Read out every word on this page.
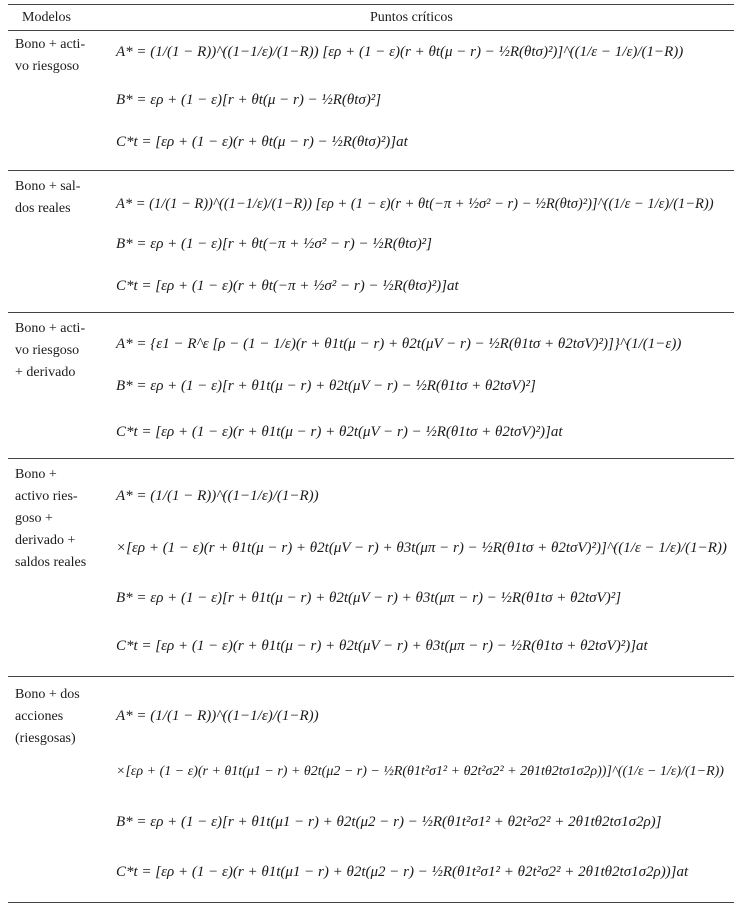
Modelos	Puntos críticos
Bono + acti-
vo riesgoso
A* = (1/(1 − R))^((1−1/ε)/(1−R)) [ερ + (1 − ε)(r + θt(μ − r) − ½R(θtσ)²)]^((1/ε − 1/ε)/(1−R))
B* = ερ + (1 − ε)[r + θt(μ − r) − ½R(θtσ)²]
C*t = [ερ + (1 − ε)(r + θt(μ − r) − ½R(θtσ)²)]at
Bono + sal-
dos reales	A* = (1/(1 − R))^((1−1/ε)/(1−R)) [ερ + (1 − ε)(r + θt(−π + ½σ² − r) − ½R(θtσ)²)]^((1/ε − 1/ε)/(1−R))
B* = ερ + (1 − ε)[r + θt(−π + ½σ² − r) − ½R(θtσ)²]
C*t = [ερ + (1 − ε)(r + θt(−π + ½σ² − r) − ½R(θtσ)²)]at
Bono + acti-
vo riesgoso
+ derivado
A* = {ε1 − R^ε [ρ − (1 − 1/ε)(r + θ1t(μ − r) + θ2t(μV − r) − ½R(θ1tσ + θ2tσV)²)]}^(1/(1−ε))
B* = ερ + (1 − ε)[r + θ1t(μ − r) + θ2t(μV − r) − ½R(θ1tσ + θ2tσV)²]
C*t = [ερ + (1 − ε)(r + θ1t(μ − r) + θ2t(μV − r) − ½R(θ1tσ + θ2tσV)²)]at
Bono +
activo ries-
goso +
derivado +
saldos reales
A* = (1/(1 − R))^((1−1/ε)/(1−R))
×[ερ + (1 − ε)(r + θ1t(μ − r) + θ2t(μV − r) + θ3t(μπ − r) − ½R(θ1tσ + θ2tσV)²)]^((1/ε − 1/ε)/(1−R))
B* = ερ + (1 − ε)[r + θ1t(μ − r) + θ2t(μV − r) + θ3t(μπ − r) − ½R(θ1tσ + θ2tσV)²]
C*t = [ερ + (1 − ε)(r + θ1t(μ − r) + θ2t(μV − r) + θ3t(μπ − r) − ½R(θ1tσ + θ2tσV)²)]at
Bono + dos
acciones
(riesgosas)
A* = (1/(1 − R))^((1−1/ε)/(1−R))
×[ερ + (1 − ε)(r + θ1t(μ1 − r) + θ2t(μ2 − r) − ½R(θ1t²σ1² + θ2t²σ2² + 2θ1tθ2tσ1σ2ρ))]^((1/ε − 1/ε)/(1−R))
B* = ερ + (1 − ε)[r + θ1t(μ1 − r) + θ2t(μ2 − r) − ½R(θ1t²σ1² + θ2t²σ2² + 2θ1tθ2tσ1σ2ρ)]
C*t = [ερ + (1 − ε)(r + θ1t(μ1 − r) + θ2t(μ2 − r) − ½R(θ1t²σ1² + θ2t²σ2² + 2θ1tθ2tσ1σ2ρ))]at
